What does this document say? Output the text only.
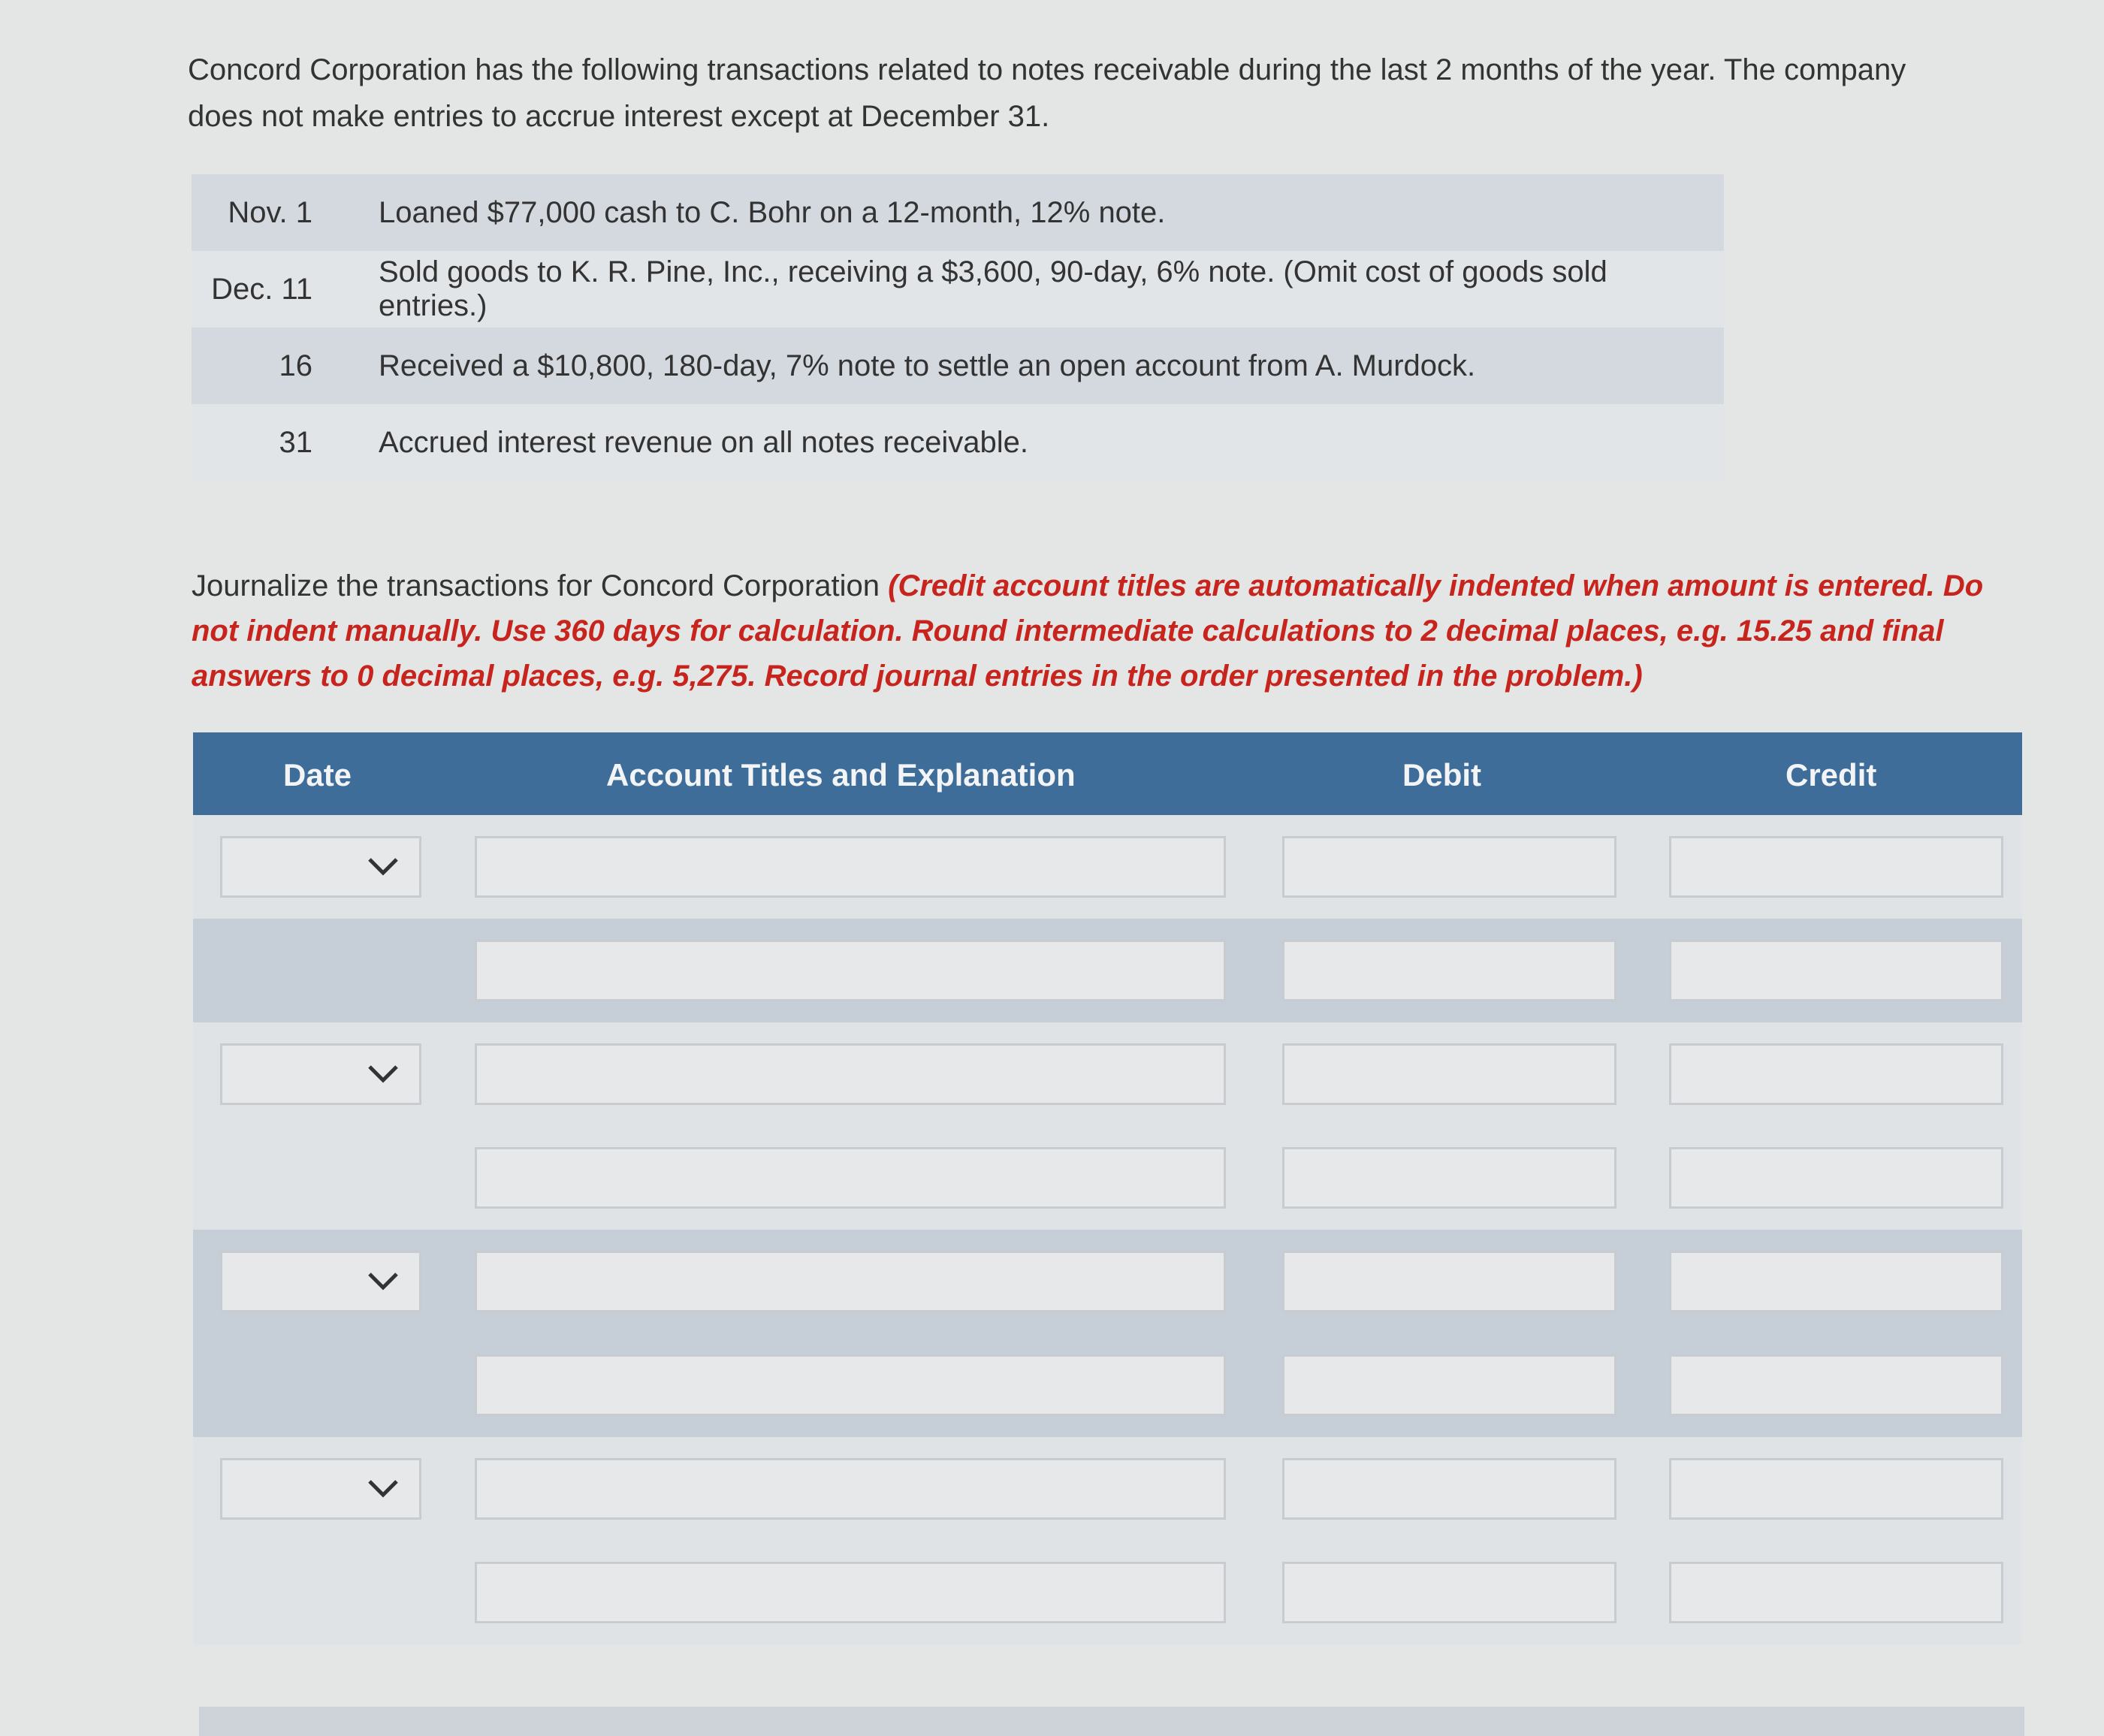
Concord Corporation has the following transactions related to notes receivable during the last 2 months of the year. The company does not make entries to accrue interest except at December 31.
Nov. 1	Loaned $77,000 cash to C. Bohr on a 12-month, 12% note.
Dec. 11	Sold goods to K. R. Pine, Inc., receiving a $3,600, 90-day, 6% note. (Omit cost of goods sold entries.)
16	Received a $10,800, 180-day, 7% note to settle an open account from A. Murdock.
31	Accrued interest revenue on all notes receivable.
Journalize the transactions for Concord Corporation (Credit account titles are automatically indented when amount is entered. Do not indent manually. Use 360 days for calculation. Round intermediate calculations to 2 decimal places, e.g. 15.25 and final answers to 0 decimal places, e.g. 5,275. Record journal entries in the order presented in the problem.)
Date	Account Titles and Explanation	Debit	Credit
